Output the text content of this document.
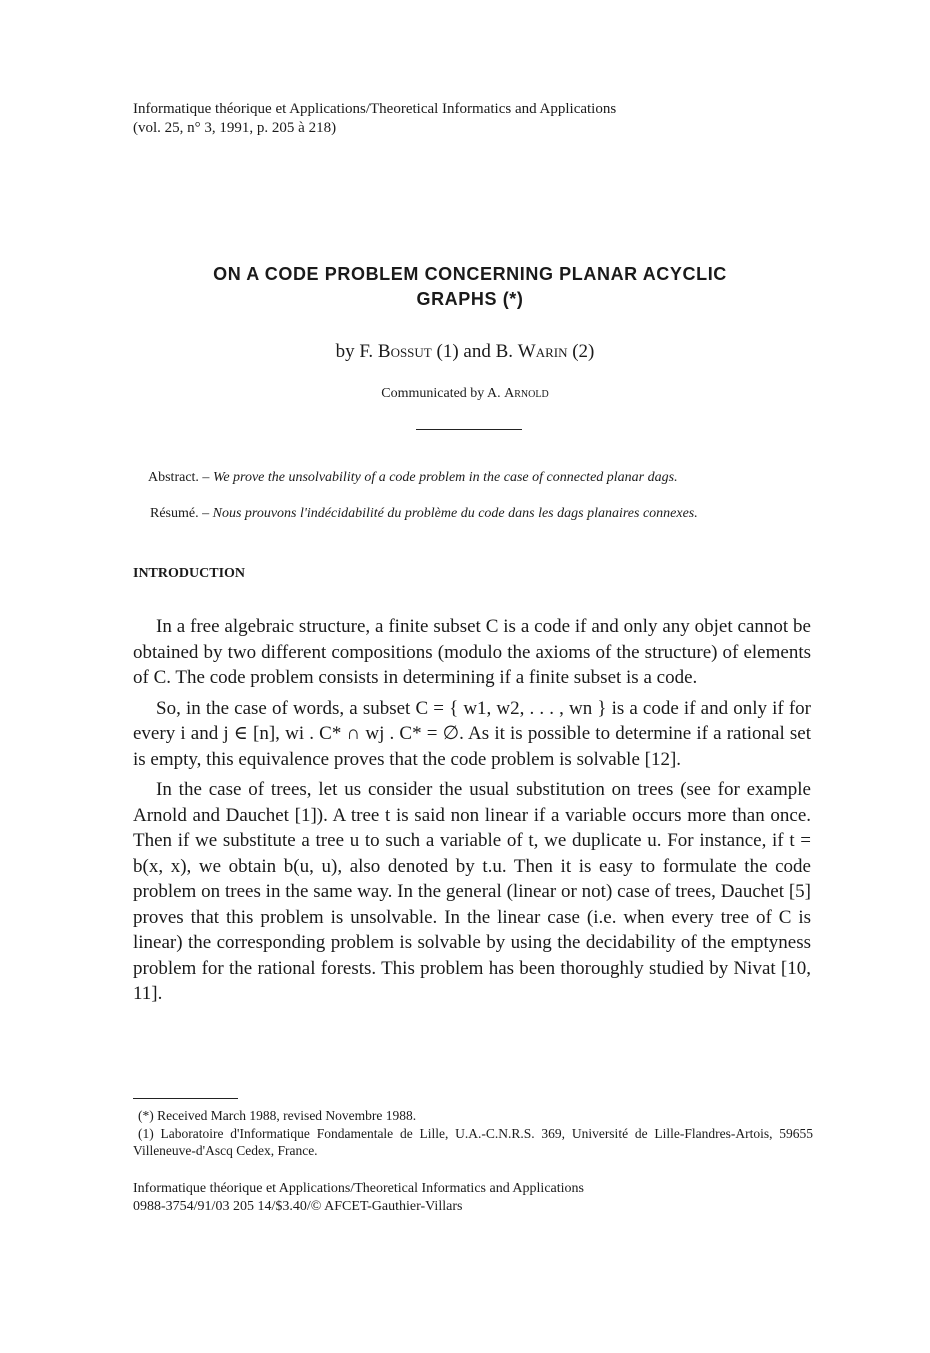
Informatique théorique et Applications/Theoretical Informatics and Applications
(vol. 25, n° 3, 1991, p. 205 à 218)
ON A CODE PROBLEM CONCERNING PLANAR ACYCLIC
GRAPHS (*)
by F. Bossut (1) and B. Warin (2)
Communicated by A. Arnold
Abstract. – We prove the unsolvability of a code problem in the case of connected planar dags.
Résumé. – Nous prouvons l'indécidabilité du problème du code dans les dags planaires connexes.
INTRODUCTION

In a free algebraic structure, a finite subset C is a code if and only any objet cannot be obtained by two different compositions (modulo the axioms of the structure) of elements of C. The code problem consists in determining if a finite subset is a code.

So, in the case of words, a subset C = { w1, w2, . . . , wn } is a code if and only if for every i and j ∈ [n], wi . C* ∩ wj . C* = ∅. As it is possible to determine if a rational set is empty, this equivalence proves that the code problem is solvable [12].

In the case of trees, let us consider the usual substitution on trees (see for example Arnold and Dauchet [1]). A tree t is said non linear if a variable occurs more than once. Then if we substitute a tree u to such a variable of t, we duplicate u. For instance, if t = b(x, x), we obtain b(u, u), also denoted by t.u. Then it is easy to formulate the code problem on trees in the same way. In the general (linear or not) case of trees, Dauchet [5] proves that this problem is unsolvable. In the linear case (i.e. when every tree of C is linear) the corresponding problem is solvable by using the decidability of the emptyness problem for the rational forests. This problem has been thoroughly studied by Nivat [10, 11].

(*) Received March 1988, revised Novembre 1988.
(1) Laboratoire d'Informatique Fondamentale de Lille, U.A.-C.N.R.S. 369, Université de Lille-Flandres-Artois, 59655 Villeneuve-d'Ascq Cedex, France.
Informatique théorique et Applications/Theoretical Informatics and Applications
0988-3754/91/03 205 14/$3.40/© AFCET-Gauthier-Villars
